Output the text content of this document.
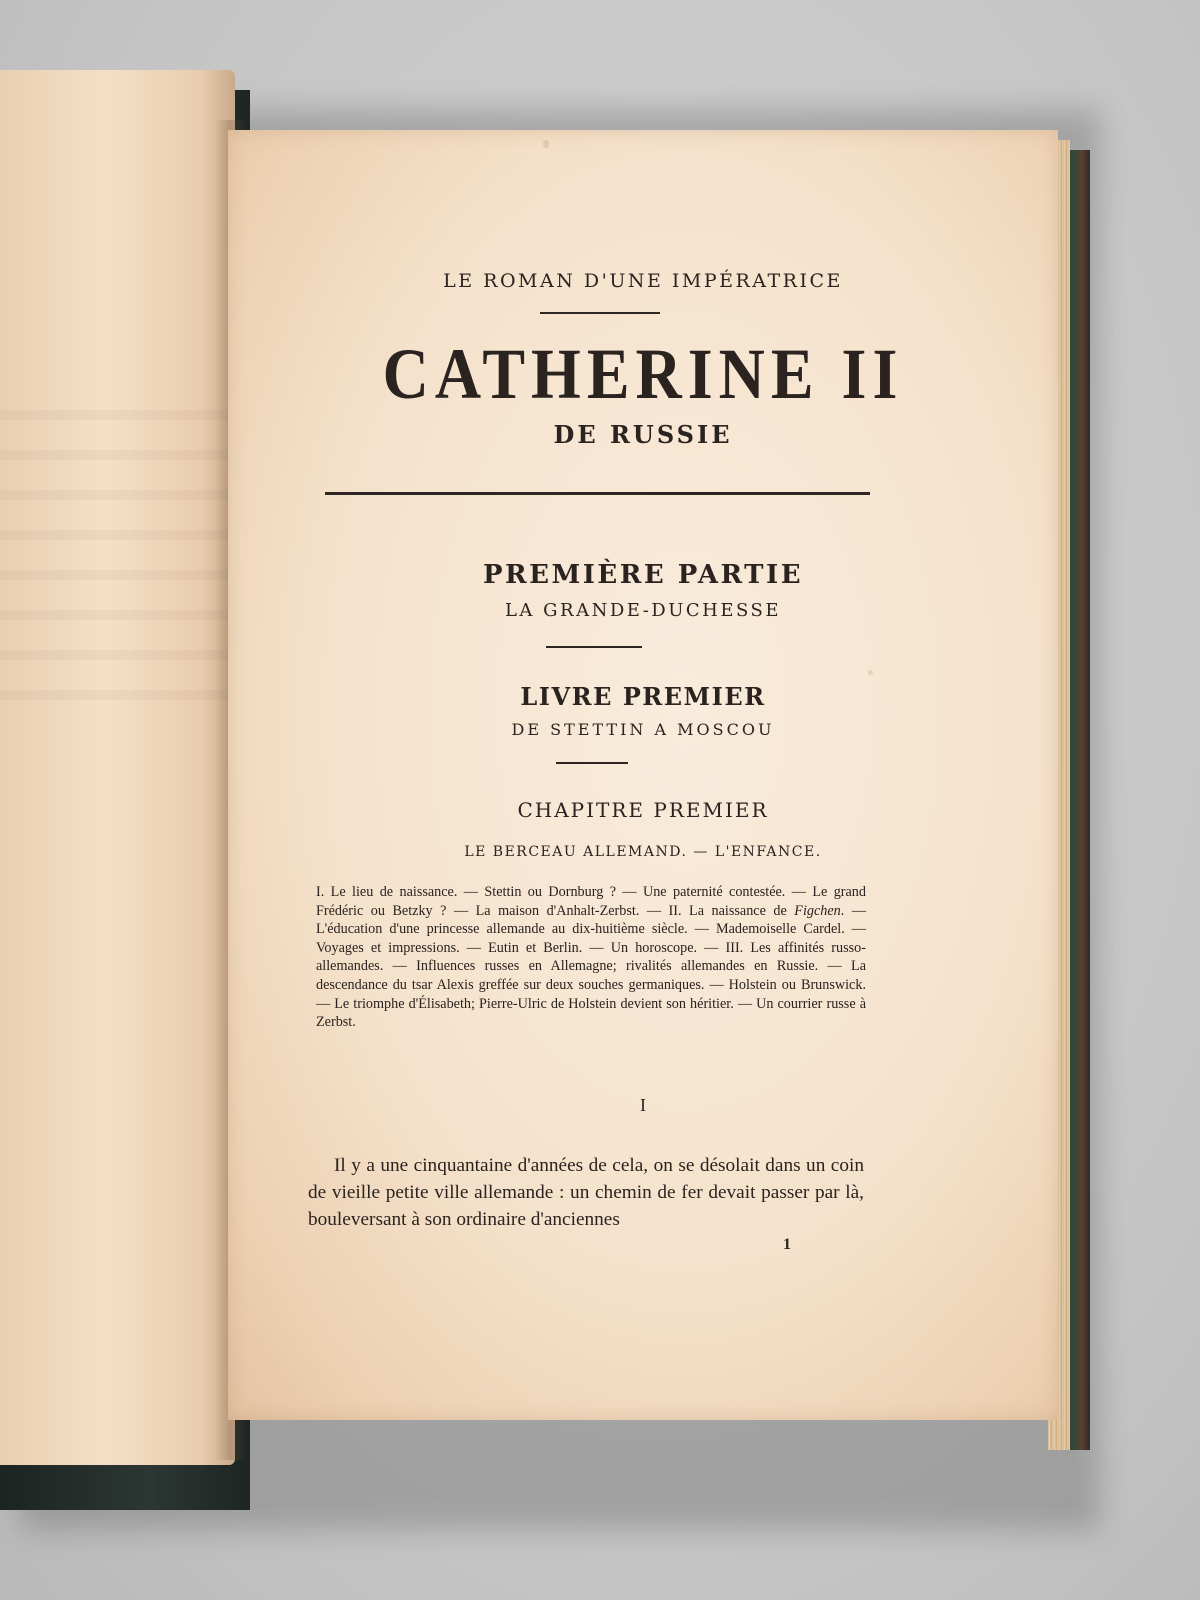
LE ROMAN D'UNE IMPÉRATRICE
CATHERINE II
DE RUSSIE
PREMIÈRE PARTIE
LA GRANDE-DUCHESSE
LIVRE PREMIER
DE STETTIN A MOSCOU
CHAPITRE PREMIER
LE BERCEAU ALLEMAND. — L'ENFANCE.
I. Le lieu de naissance. — Stettin ou Dornburg ? — Une paternité contestée. — Le grand Frédéric ou Betzky ? — La maison d'Anhalt-Zerbst. — II. La naissance de Figchen. — L'éducation d'une princesse allemande au dix-huitième siècle. — Mademoiselle Cardel. — Voyages et impressions. — Eutin et Berlin. — Un horoscope. — III. Les affinités russo-allemandes. — Influences russes en Allemagne; rivalités allemandes en Russie. — La descendance du tsar Alexis greffée sur deux souches germaniques. — Holstein ou Brunswick. — Le triomphe d'Élisabeth; Pierre-Ulric de Holstein devient son héritier. — Un courrier russe à Zerbst.
I
Il y a une cinquantaine d'années de cela, on se désolait dans un coin de vieille petite ville allemande : un chemin de fer devait passer par là, bouleversant à son ordinaire d'anciennes
1
